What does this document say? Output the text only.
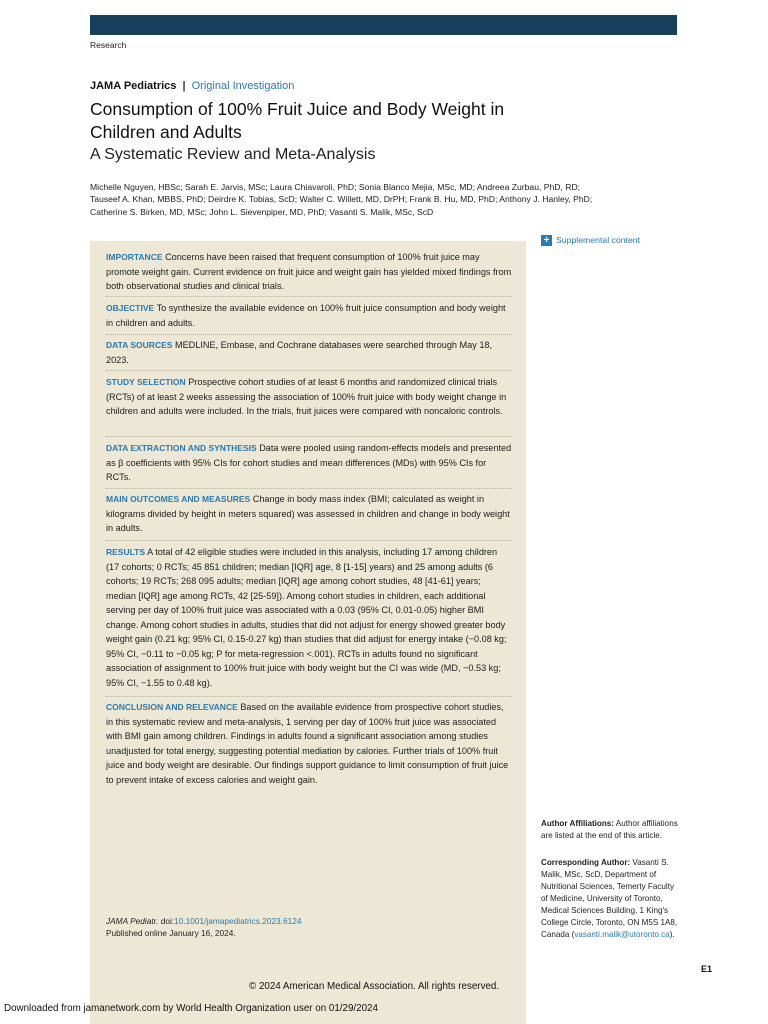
Research
JAMA Pediatrics | Original Investigation
Consumption of 100% Fruit Juice and Body Weight in Children and Adults
A Systematic Review and Meta-Analysis
Michelle Nguyen, HBSc; Sarah E. Jarvis, MSc; Laura Chiavaroli, PhD; Sonia Blanco Mejia, MSc, MD; Andreea Zurbau, PhD, RD; Tauseef A. Khan, MBBS, PhD; Deirdre K. Tobias, ScD; Walter C. Willett, MD, DrPH; Frank B. Hu, MD, PhD; Anthony J. Hanley, PhD; Catherine S. Birken, MD, MSc; John L. Sievenpiper, MD, PhD; Vasanti S. Malik, MSc, ScD
IMPORTANCE Concerns have been raised that frequent consumption of 100% fruit juice may promote weight gain. Current evidence on fruit juice and weight gain has yielded mixed findings from both observational studies and clinical trials.
OBJECTIVE To synthesize the available evidence on 100% fruit juice consumption and body weight in children and adults.
DATA SOURCES MEDLINE, Embase, and Cochrane databases were searched through May 18, 2023.
STUDY SELECTION Prospective cohort studies of at least 6 months and randomized clinical trials (RCTs) of at least 2 weeks assessing the association of 100% fruit juice with body weight change in children and adults were included. In the trials, fruit juices were compared with noncaloric controls.
DATA EXTRACTION AND SYNTHESIS Data were pooled using random-effects models and presented as β coefficients with 95% CIs for cohort studies and mean differences (MDs) with 95% CIs for RCTs.
MAIN OUTCOMES AND MEASURES Change in body mass index (BMI; calculated as weight in kilograms divided by height in meters squared) was assessed in children and change in body weight in adults.
RESULTS A total of 42 eligible studies were included in this analysis, including 17 among children (17 cohorts; 0 RCTs; 45 851 children; median [IQR] age, 8 [1-15] years) and 25 among adults (6 cohorts; 19 RCTs; 268 095 adults; median [IQR] age among cohort studies, 48 [41-61] years; median [IQR] age among RCTs, 42 [25-59]). Among cohort studies in children, each additional serving per day of 100% fruit juice was associated with a 0.03 (95% CI, 0.01-0.05) higher BMI change. Among cohort studies in adults, studies that did not adjust for energy showed greater body weight gain (0.21 kg; 95% CI, 0.15-0.27 kg) than studies that did adjust for energy intake (−0.08 kg; 95% CI, −0.11 to −0.05 kg; P for meta-regression <.001). RCTs in adults found no significant association of assignment to 100% fruit juice with body weight but the CI was wide (MD, −0.53 kg; 95% CI, −1.55 to 0.48 kg).
CONCLUSION AND RELEVANCE Based on the available evidence from prospective cohort studies, in this systematic review and meta-analysis, 1 serving per day of 100% fruit juice was associated with BMI gain among children. Findings in adults found a significant association among studies unadjusted for total energy, suggesting potential mediation by calories. Further trials of 100% fruit juice and body weight are desirable. Our findings support guidance to limit consumption of fruit juice to prevent intake of excess calories and weight gain.
JAMA Pediatr. doi:10.1001/jamapediatrics.2023.6124
Published online January 16, 2024.
+ Supplemental content
Author Affiliations: Author affiliations are listed at the end of this article.
Corresponding Author: Vasanti S. Malik, MSc, ScD, Department of Nutritional Sciences, Temerty Faculty of Medicine, University of Toronto, Medical Sciences Building, 1 King's College Circle, Toronto, ON M5S 1A8, Canada (vasanti.malik@utoronto.ca).
E1
© 2024 American Medical Association. All rights reserved.
Downloaded from jamanetwork.com by World Health Organization user on 01/29/2024
